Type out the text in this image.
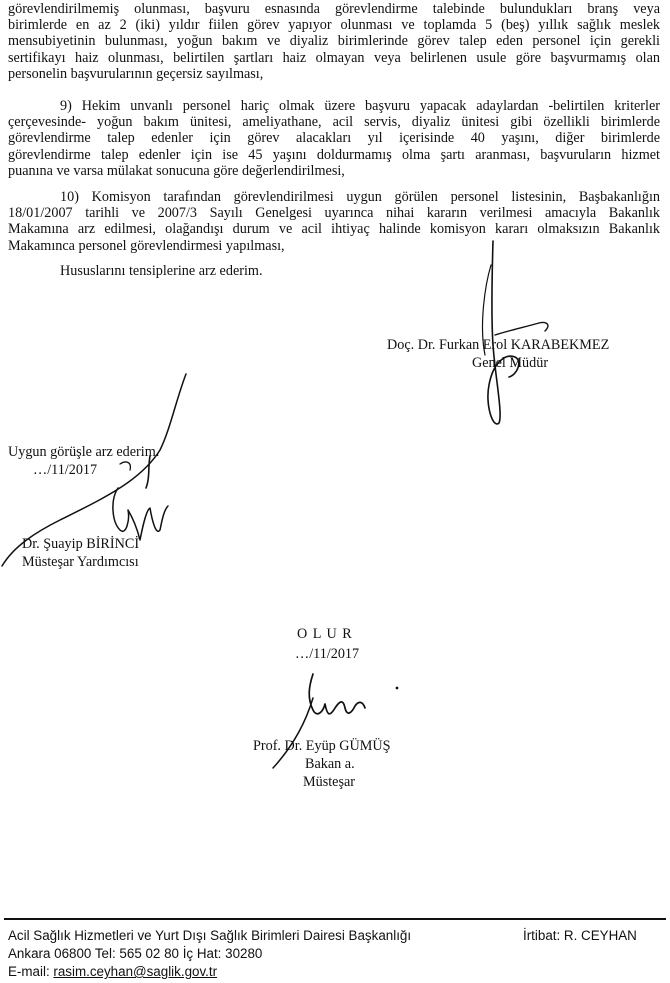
görevlendirilmemiş olunması, başvuru esnasında görevlendirme talebinde bulundukları branş veya
birimlerde en az 2 (iki) yıldır fiilen görev yapıyor olunması ve toplamda 5 (beş) yıllık sağlık meslek
mensubiyetinin bulunması, yoğun bakım ve diyaliz birimlerinde görev talep eden personel için gerekli
sertifikayı haiz olunması, belirtilen şartları haiz olmayan veya belirlenen usule göre başvurmamış olan
personelin başvurularının geçersiz sayılması,
9) Hekim unvanlı personel hariç olmak üzere başvuru yapacak adaylardan -belirtilen kriterler
çerçevesinde- yoğun bakım ünitesi, ameliyathane, acil servis, diyaliz ünitesi gibi özellikli birimlerde
görevlendirme talep edenler için görev alacakları yıl içerisinde 40 yaşını, diğer birimlerde
görevlendirme talep edenler için ise 45 yaşını doldurmamış olma şartı aranması, başvuruların hizmet
puanına ve varsa mülakat sonucuna göre değerlendirilmesi,
10) Komisyon tarafından görevlendirilmesi uygun görülen personel listesinin, Başbakanlığın
18/01/2007 tarihli ve 2007/3 Sayılı Genelgesi uyarınca nihai kararın verilmesi amacıyla Bakanlık
Makamına arz edilmesi, olağandışı durum ve acil ihtiyaç halinde komisyon kararı olmaksızın Bakanlık
Makamınca personel görevlendirmesi yapılması,
Hususlarını tensiplerine arz ederim.
Doç. Dr. Furkan Erol KARABEKMEZ
Genel Müdür
Uygun görüşle arz ederim.
…/11/2017
Dr. Şuayip BİRİNCİ
Müsteşar Yardımcısı
O L U R
…/11/2017
Prof. Dr. Eyüp GÜMÜŞ
Bakan a.
Müsteşar
Acil Sağlık Hizmetleri ve Yurt Dışı Sağlık Birimleri Dairesi Başkanlığı	İrtibat: R. CEYHAN
Ankara 06800 Tel: 565 02 80 İç Hat: 30280
E-mail: rasim.ceyhan@saglik.gov.tr
